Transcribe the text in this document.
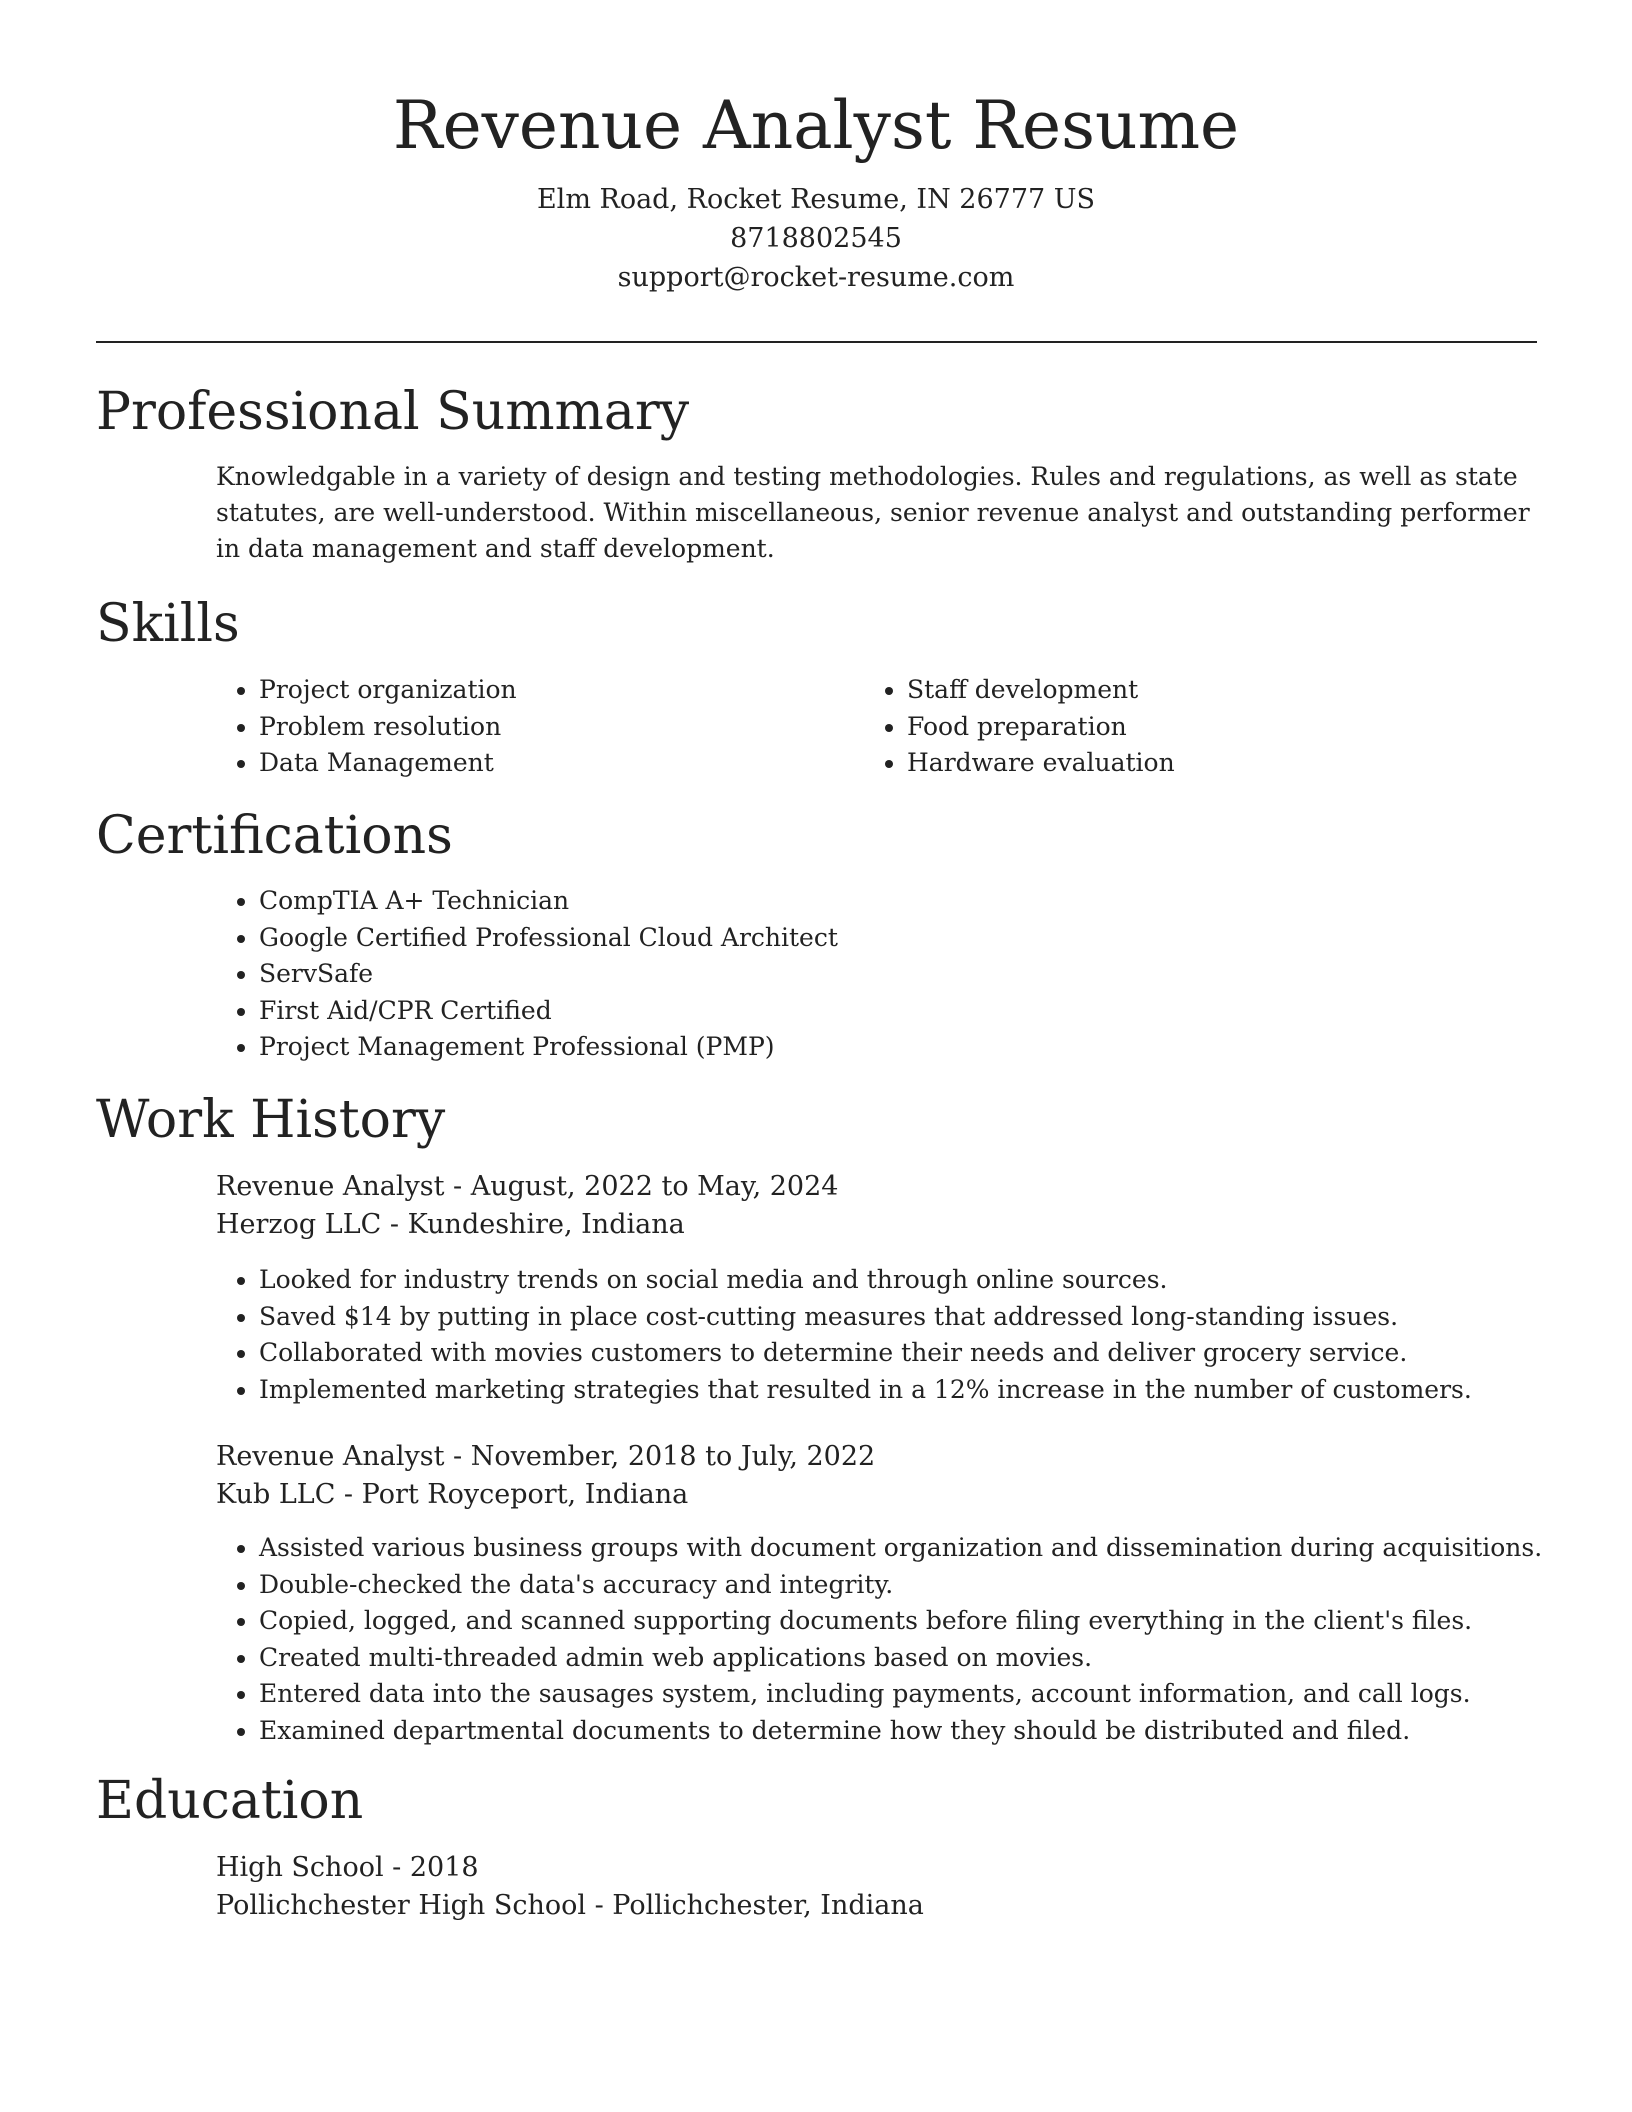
Revenue Analyst Resume
Elm Road, Rocket Resume, IN 26777 US
8718802545
support@rocket-resume.com
Professional Summary
Knowledgable in a variety of design and testing methodologies. Rules and regulations, as well as state statutes, are well-understood. Within miscellaneous, senior revenue analyst and outstanding performer in data management and staff development.
Skills
• Project organization
• Problem resolution
• Data Management
• Staff development
• Food preparation
• Hardware evaluation
Certifications
• CompTIA A+ Technician
• Google Certified Professional Cloud Architect
• ServSafe
• First Aid/CPR Certified
• Project Management Professional (PMP)
Work History
Revenue Analyst - August, 2022 to May, 2024
Herzog LLC - Kundeshire, Indiana
• Looked for industry trends on social media and through online sources.
• Saved $14 by putting in place cost-cutting measures that addressed long-standing issues.
• Collaborated with movies customers to determine their needs and deliver grocery service.
• Implemented marketing strategies that resulted in a 12% increase in the number of customers.
Revenue Analyst - November, 2018 to July, 2022
Kub LLC - Port Royceport, Indiana
• Assisted various business groups with document organization and dissemination during acquisitions.
• Double-checked the data's accuracy and integrity.
• Copied, logged, and scanned supporting documents before filing everything in the client's files.
• Created multi-threaded admin web applications based on movies.
• Entered data into the sausages system, including payments, account information, and call logs.
• Examined departmental documents to determine how they should be distributed and filed.
Education
High School - 2018
Pollichchester High School - Pollichchester, Indiana
